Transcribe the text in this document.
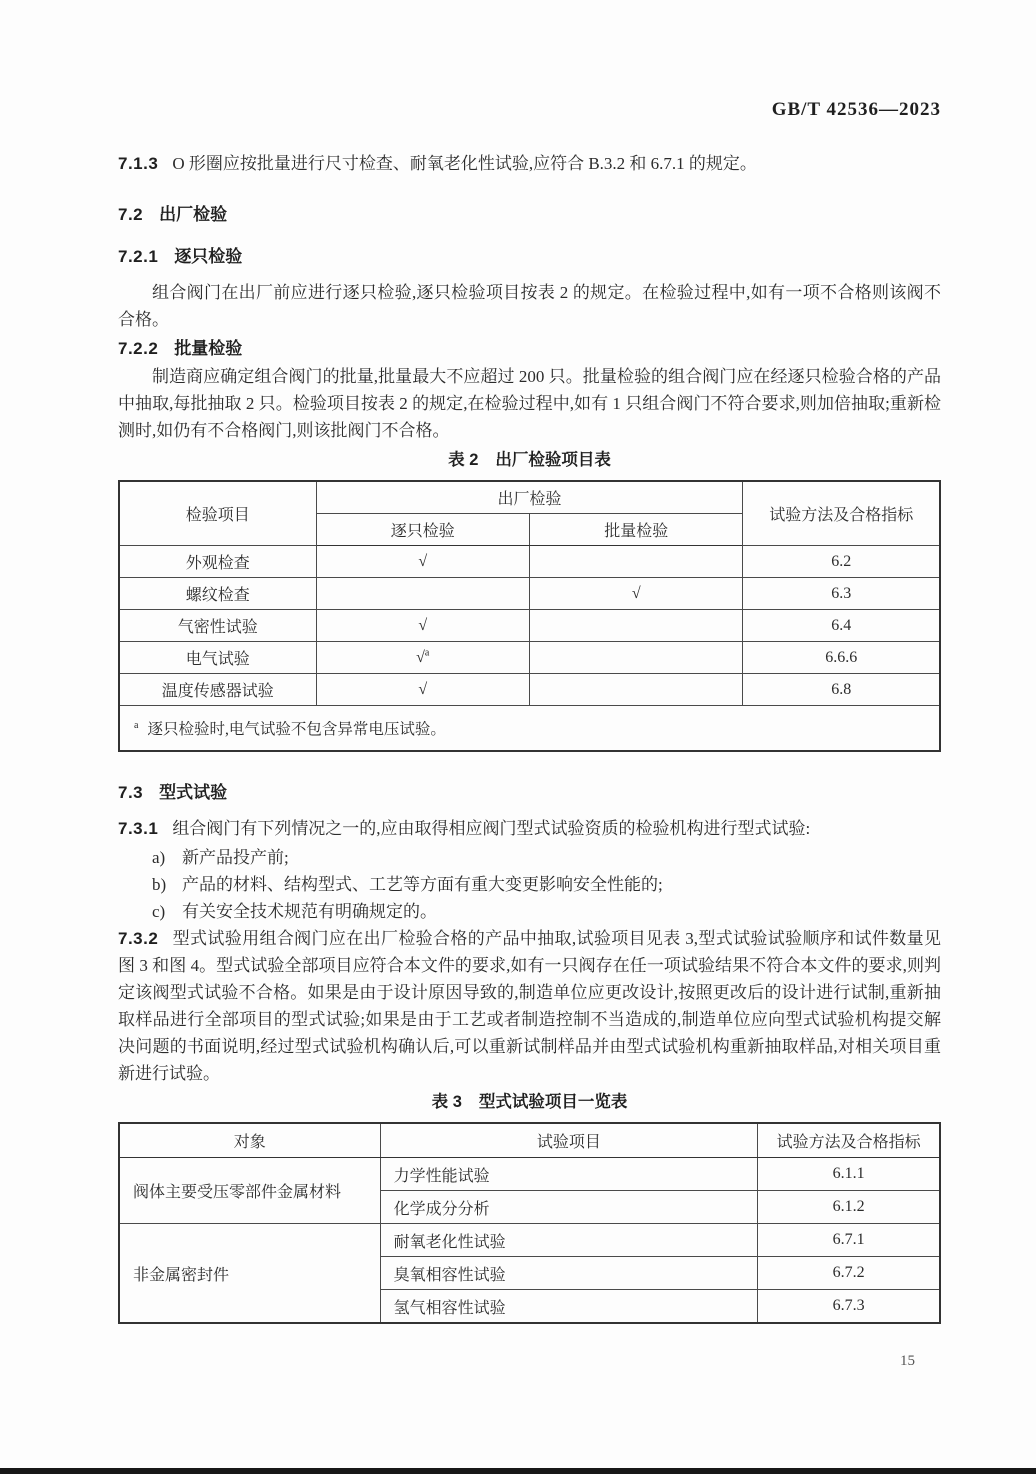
GB/T 42536—2023

7.1.3 O 形圈应按批量进行尺寸检查、耐氧老化性试验,应符合 B.3.2 和 6.7.1 的规定。

7.2 出厂检验
7.2.1 逐只检验

组合阀门在出厂前应进行逐只检验,逐只检验项目按表 2 的规定。在检验过程中,如有一项不合格则该阀不合格。

7.2.2 批量检验

制造商应确定组合阀门的批量,批量最大不应超过 200 只。批量检验的组合阀门应在经逐只检验合格的产品中抽取,每批抽取 2 只。检验项目按表 2 的规定,在检验过程中,如有 1 只组合阀门不符合要求,则加倍抽取;重新检测时,如仍有不合格阀门,则该批阀门不合格。

表 2 出厂检验项目表
检验项目	出厂检验		试验方法及合格指标
	逐只检验	批量检验	
外观检查	√		6.2
螺纹检查		√	6.3
气密性试验	√		6.4
电气试验	√$^a$		6.6.6
温度传感器试验	√		6.8
$^a$ 逐只检验时,电气试验不包含异常电压试验。			
7.3 型式试验

7.3.1 组合阀门有下列情况之一的,应由取得相应阀门型式试验资质的检验机构进行型式试验:

a) 新产品投产前;
b) 产品的材料、结构型式、工艺等方面有重大变更影响安全性能的;
c) 有关安全技术规范有明确规定的。

7.3.2 型式试验用组合阀门应在出厂检验合格的产品中抽取,试验项目见表 3,型式试验试验顺序和试件数量见图 3 和图 4。型式试验全部项目应符合本文件的要求,如有一只阀存在任一项试验结果不符合本文件的要求,则判定该阀型式试验不合格。如果是由于设计原因导致的,制造单位应更改设计,按照更改后的设计进行试制,重新抽取样品进行全部项目的型式试验;如果是由于工艺或者制造控制不当造成的,制造单位应向型式试验机构提交解决问题的书面说明,经过型式试验机构确认后,可以重新试制样品并由型式试验机构重新抽取样品,对相关项目重新进行试验。

表 3 型式试验项目一览表
对象	试验项目	试验方法及合格指标
阀体主要受压零部件金属材料	力学性能试验	6.1.1
	化学成分分析	6.1.2
非金属密封件	耐氧老化性试验	6.7.1
	臭氧相容性试验	6.7.2
	氢气相容性试验	6.7.3
15
